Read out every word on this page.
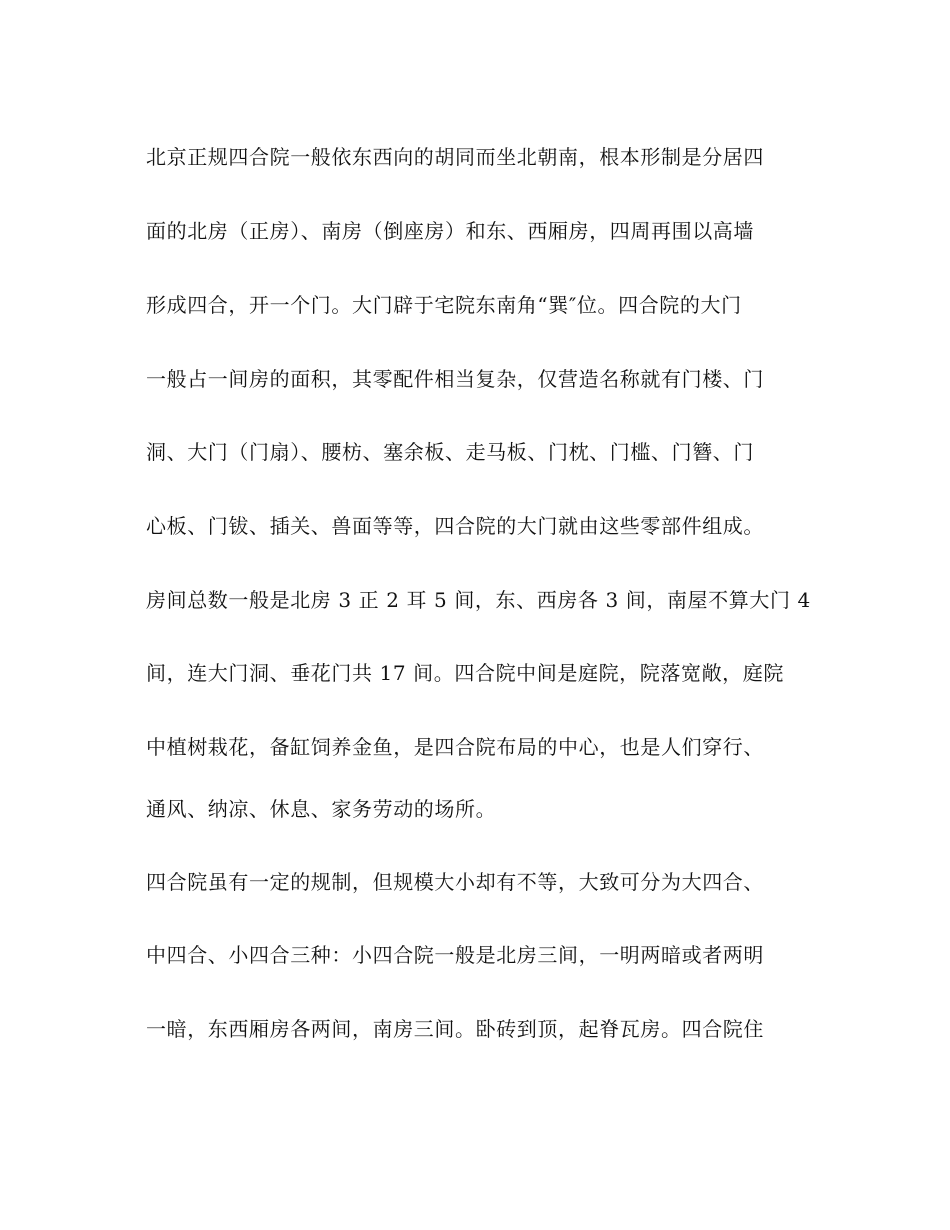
北京正规四合院一般依东西向的胡同而坐北朝南，根本形制是分居四
面的北房（正房）、南房（倒座房）和东、西厢房，四周再围以高墙
形成四合，开一个门。大门辟于宅院东南角“巽″位。四合院的大门
一般占一间房的面积，其零配件相当复杂，仅营造名称就有门楼、门
洞、大门（门扇）、腰枋、塞余板、走马板、门枕、门槛、门簪、门
心板、门钹、插关、兽面等等，四合院的大门就由这些零部件组成。
房间总数一般是北房 3 正 2 耳 5 间，东、西房各 3 间，南屋不算大门 4
间，连大门洞、垂花门共 17 间。四合院中间是庭院，院落宽敞，庭院
中植树栽花，备缸饲养金鱼，是四合院布局的中心，也是人们穿行、
通风、纳凉、休息、家务劳动的场所。
四合院虽有一定的规制，但规模大小却有不等，大致可分为大四合、
中四合、小四合三种：小四合院一般是北房三间，一明两暗或者两明
一暗，东西厢房各两间，南房三间。卧砖到顶，起脊瓦房。四合院住
